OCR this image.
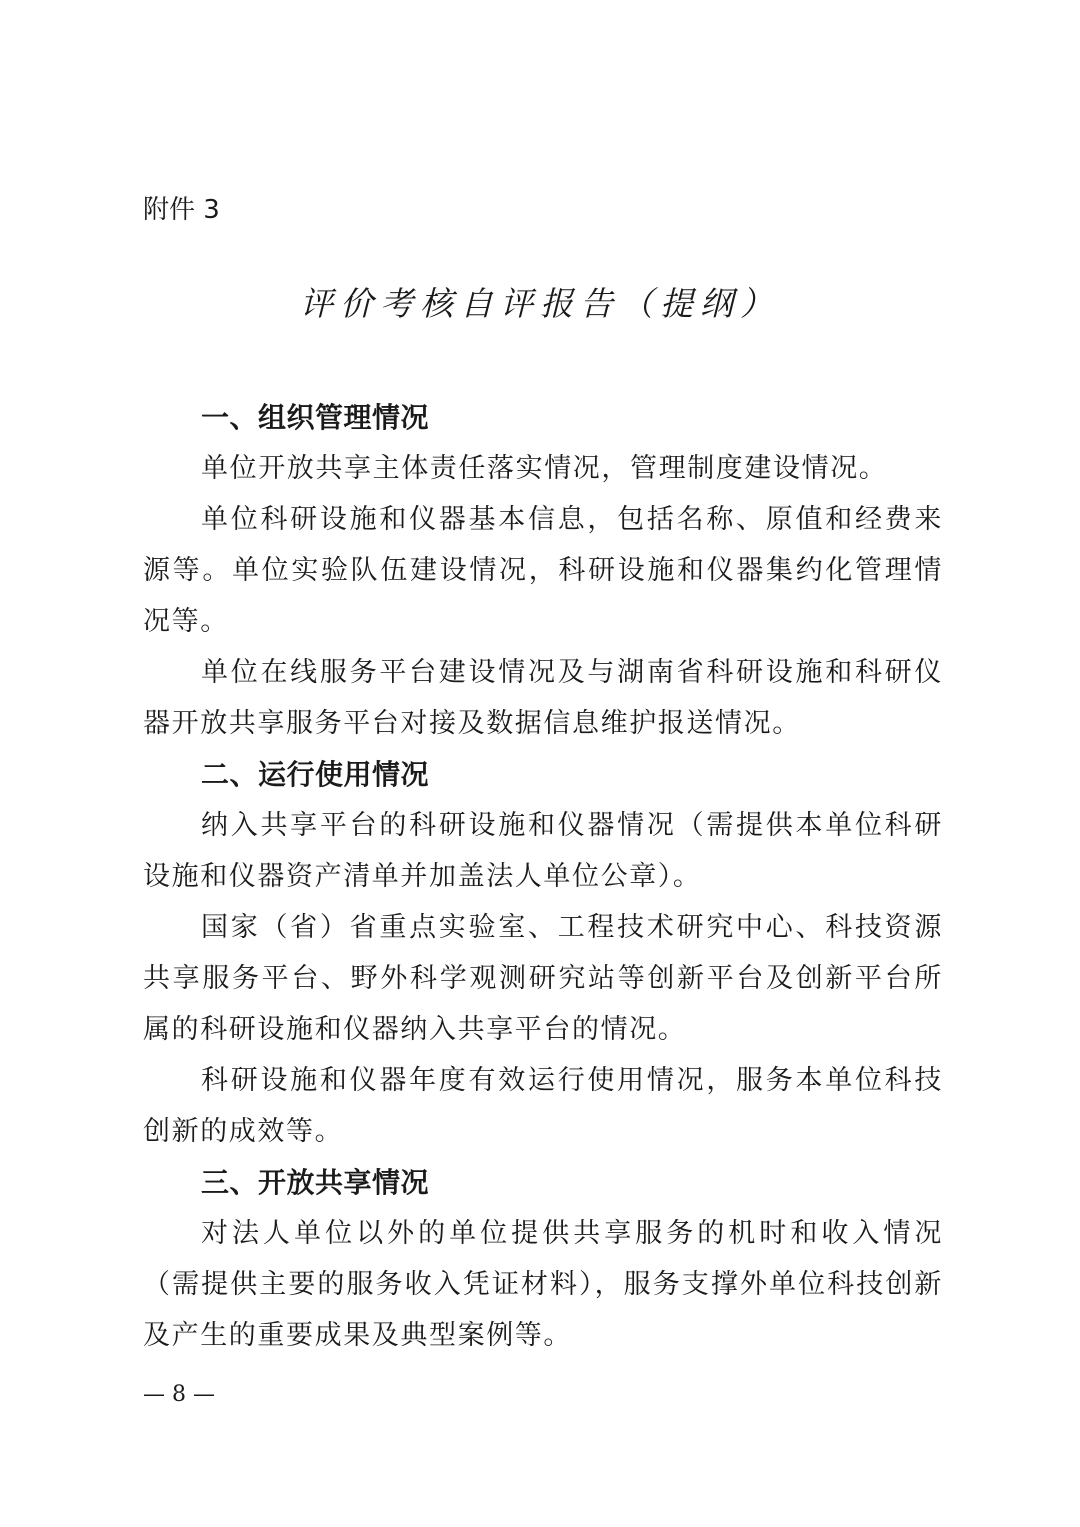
附件 3
评价考核自评报告（提纲）

一、组织管理情况

单位开放共享主体责任落实情况，管理制度建设情况。

单位科研设施和仪器基本信息，包括名称、原值和经费来源等。单位实验队伍建设情况，科研设施和仪器集约化管理情况等。

单位在线服务平台建设情况及与湖南省科研设施和科研仪器开放共享服务平台对接及数据信息维护报送情况。

二、运行使用情况

纳入共享平台的科研设施和仪器情况（需提供本单位科研设施和仪器资产清单并加盖法人单位公章）。

国家（省）省重点实验室、工程技术研究中心、科技资源共享服务平台、野外科学观测研究站等创新平台及创新平台所属的科研设施和仪器纳入共享平台的情况。

科研设施和仪器年度有效运行使用情况，服务本单位科技创新的成效等。

三、开放共享情况

对法人单位以外的单位提供共享服务的机时和收入情况（需提供主要的服务收入凭证材料），服务支撑外单位科技创新及产生的重要成果及典型案例等。

— 8 —
